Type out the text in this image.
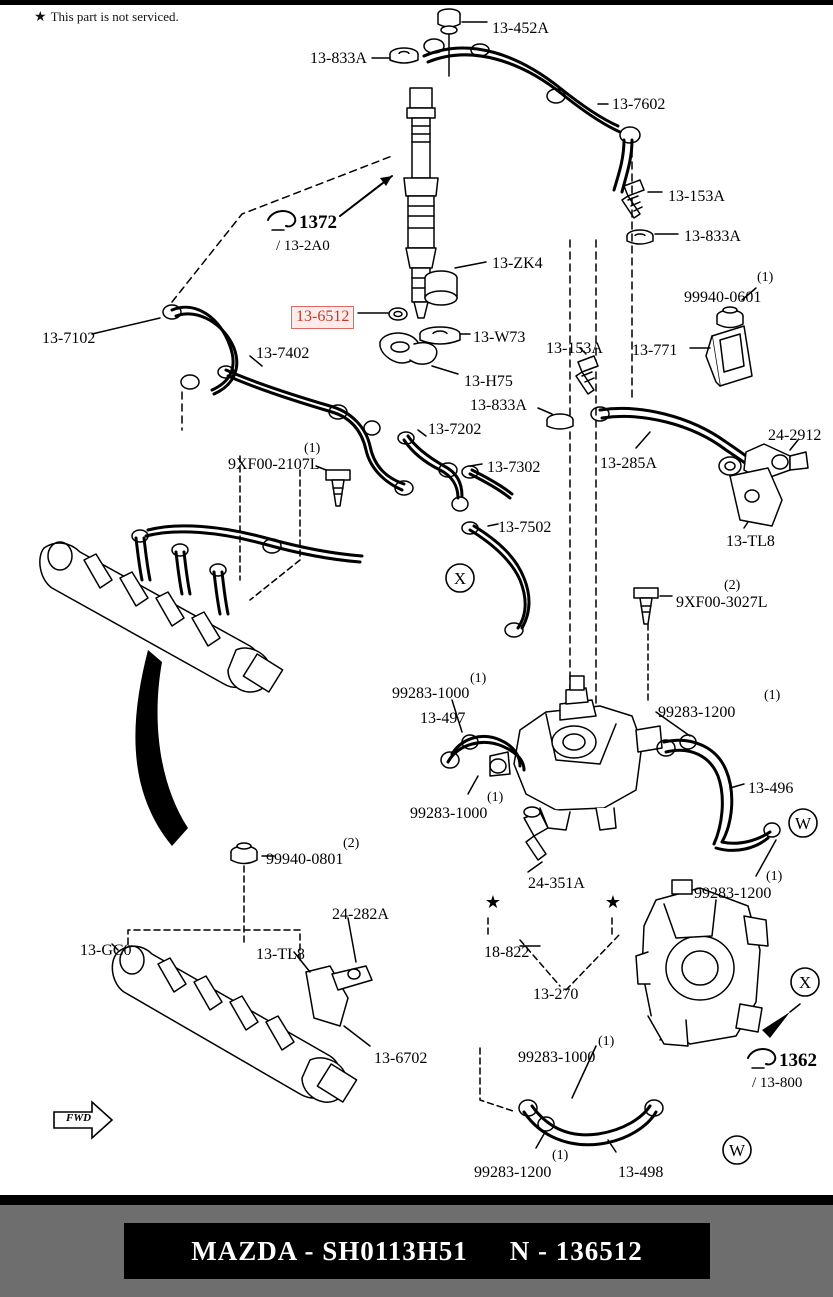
★ This part is not serviced.
X
W
X
W
★	★
FWD
13-452A
13-833A
13-7602
13-153A
13-833A
1372
/ 13-2A0
13-ZK4
(1)
99940-0601
13-6512
13-7102	13-W73
13-153A 13-771
13-7402
13-H75
13-833A
13-7202	24-2912
13-285A
(1)
9XF00-2107L	13-7302
13-TL8
13-7502
(2)
9XF00-3027L
(1)
99283-1000
13-497
(1)
99283-1200
(1)
99283-1000
13-496
(2)
99940-0801
24-351A	(1)
99283-1200
24-282A
13-GC0	13-TL8	18-822
13-270
13-6702
(1)
99283-1000	1362
/ 13-800
(1)
99283-1200	13-498
MAZDA - SH0113H51 N - 136512
